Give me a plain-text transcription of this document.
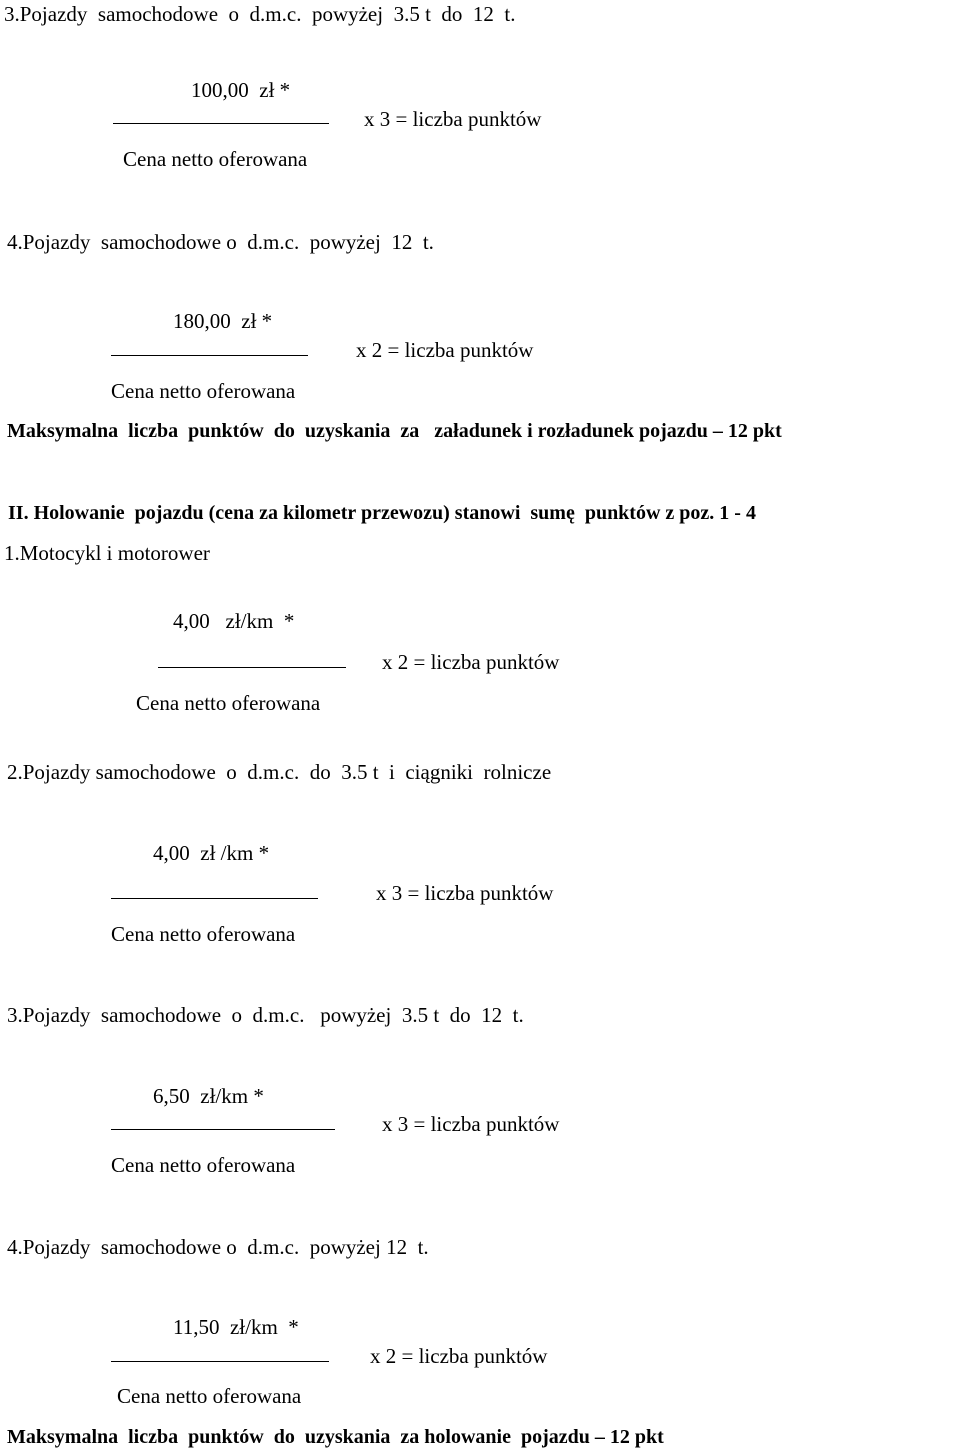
3.Pojazdy  samochodowe  o  d.m.c.  powyżej  3.5 t  do  12  t.
100,00  zł *
x 3 = liczba punktów
Cena netto oferowana
4.Pojazdy  samochodowe o  d.m.c.  powyżej  12  t.
180,00  zł *
x 2 = liczba punktów
Cena netto oferowana
Maksymalna  liczba  punktów  do  uzyskania  za   załadunek i rozładunek pojazdu – 12 pkt
II. Holowanie  pojazdu (cena za kilometr przewozu) stanowi  sumę  punktów z poz. 1 - 4
1.Motocykl i motorower
4,00   zł/km  *
x 2 = liczba punktów
Cena netto oferowana
2.Pojazdy samochodowe  o  d.m.c.  do  3.5 t  i  ciągniki  rolnicze
4,00  zł /km *
x 3 = liczba punktów
Cena netto oferowana
3.Pojazdy  samochodowe  o  d.m.c.   powyżej  3.5 t  do  12  t.
6,50  zł/km *
x 3 = liczba punktów
Cena netto oferowana
4.Pojazdy  samochodowe o  d.m.c.  powyżej 12  t.
11,50  zł/km  *
x 2 = liczba punktów
Cena netto oferowana
Maksymalna  liczba  punktów  do  uzyskania  za holowanie  pojazdu – 12 pkt
